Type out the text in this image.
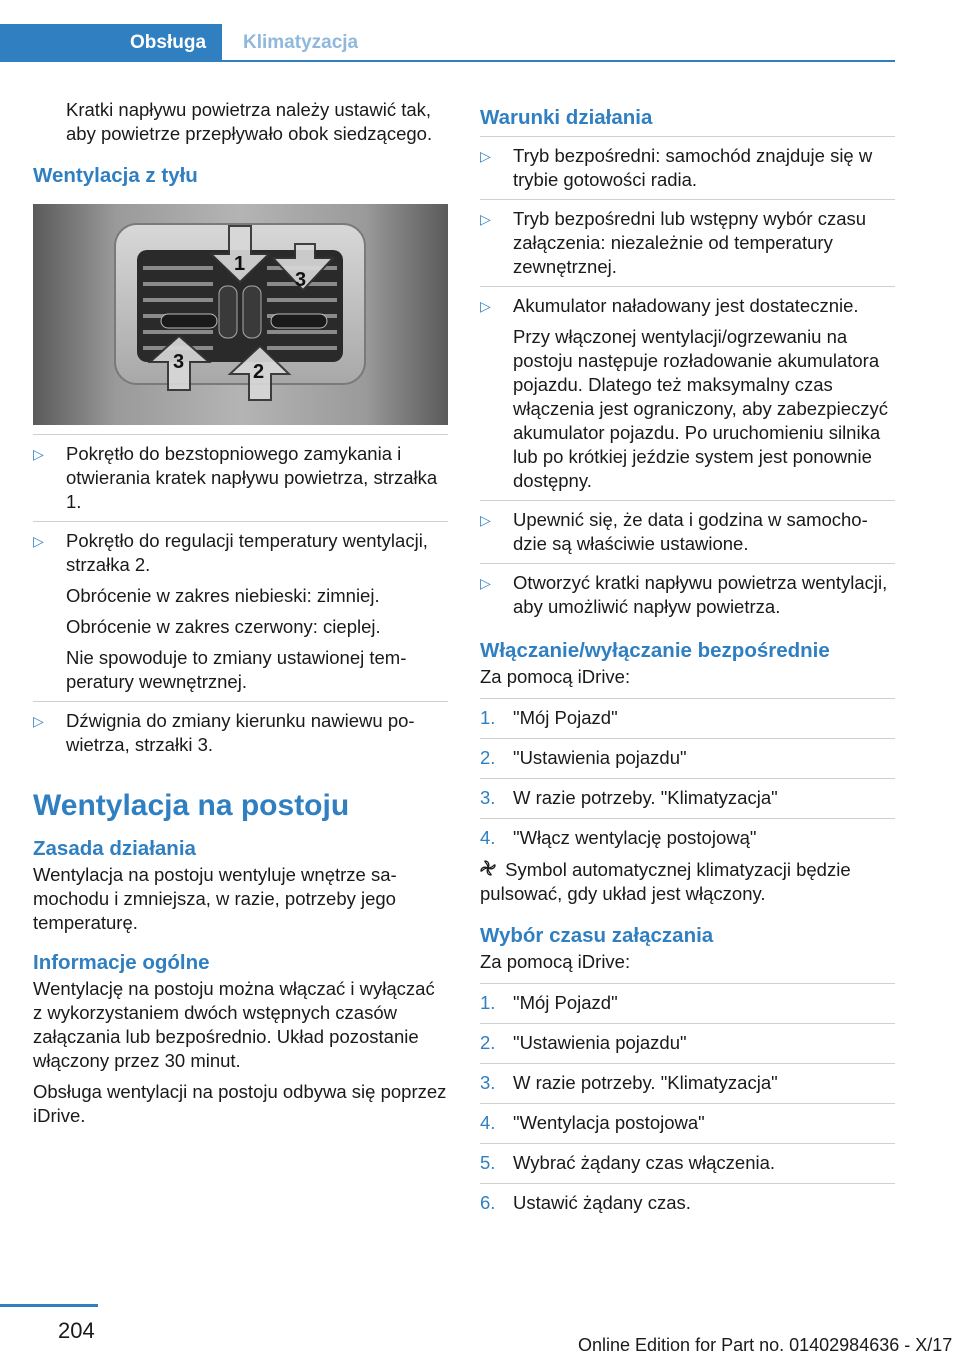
Obsługa	Klimatyzacja

Kratki napływu powietrza należy ustawić tak, aby powietrze przepływało obok siedzącego.

Wentylacja z tyłu
1
2
3
3
▷ Pokrętło do bezstopniowego zamykania i otwierania kratek napływu powietrza, strzałka 1.
▷ Pokrętło do regulacji temperatury wentylacji, strzałka 2.

Obrócenie w zakres niebieski: zimniej.

Obrócenie w zakres czerwony: cieplej.

Nie spowoduje to zmiany ustawionej temperatury wewnętrznej.

▷ Dźwignia do zmiany kierunku nawiewu powietrza, strzałki 3.
Wentylacja na postoju
Zasada działania

Wentylacja na postoju wentyluje wnętrze samochodu i zmniejsza, w razie, potrzeby jego temperaturę.

Informacje ogólne

Wentylację na postoju można włączać i wyłączać z wykorzystaniem dwóch wstępnych czasów załączania lub bezpośrednio. Układ pozostanie włączony przez 30 minut.

Obsługa wentylacji na postoju odbywa się poprzez iDrive.

Warunki działania
▷ Tryb bezpośredni: samochód znajduje się w trybie gotowości radia.
▷ Tryb bezpośredni lub wstępny wybór czasu załączenia: niezależnie od temperatury zewnętrznej.
▷ Akumulator naładowany jest dostatecznie.

Przy włączonej wentylacji/ogrzewaniu na postoju następuje rozładowanie akumulatora pojazdu. Dlatego też maksymalny czas włączenia jest ograniczony, aby zabezpieczyć akumulator pojazdu. Po uruchomieniu silnika lub po krótkiej jeździe system jest ponownie dostępny.

▷ Upewnić się, że data i godzina w samochodzie są właściwie ustawione.
▷ Otworzyć kratki napływu powietrza wentylacji, aby umożliwić napływ powietrza.
Włączanie/wyłączanie bezpośrednie

Za pomocą iDrive:

1. "Mój Pojazd"
2. "Ustawienia pojazdu"
3. W razie potrzeby. "Klimatyzacja"
4. "Włącz wentylację postojową"

Symbol automatycznej klimatyzacji będzie pulsować, gdy układ jest włączony.

Wybór czasu załączania

Za pomocą iDrive:

1. "Mój Pojazd"
2. "Ustawienia pojazdu"
3. W razie potrzeby. "Klimatyzacja"
4. "Wentylacja postojowa"
5. Wybrać żądany czas włączenia.
6. Ustawić żądany czas.
204
Online Edition for Part no. 01402984636 - X/17
